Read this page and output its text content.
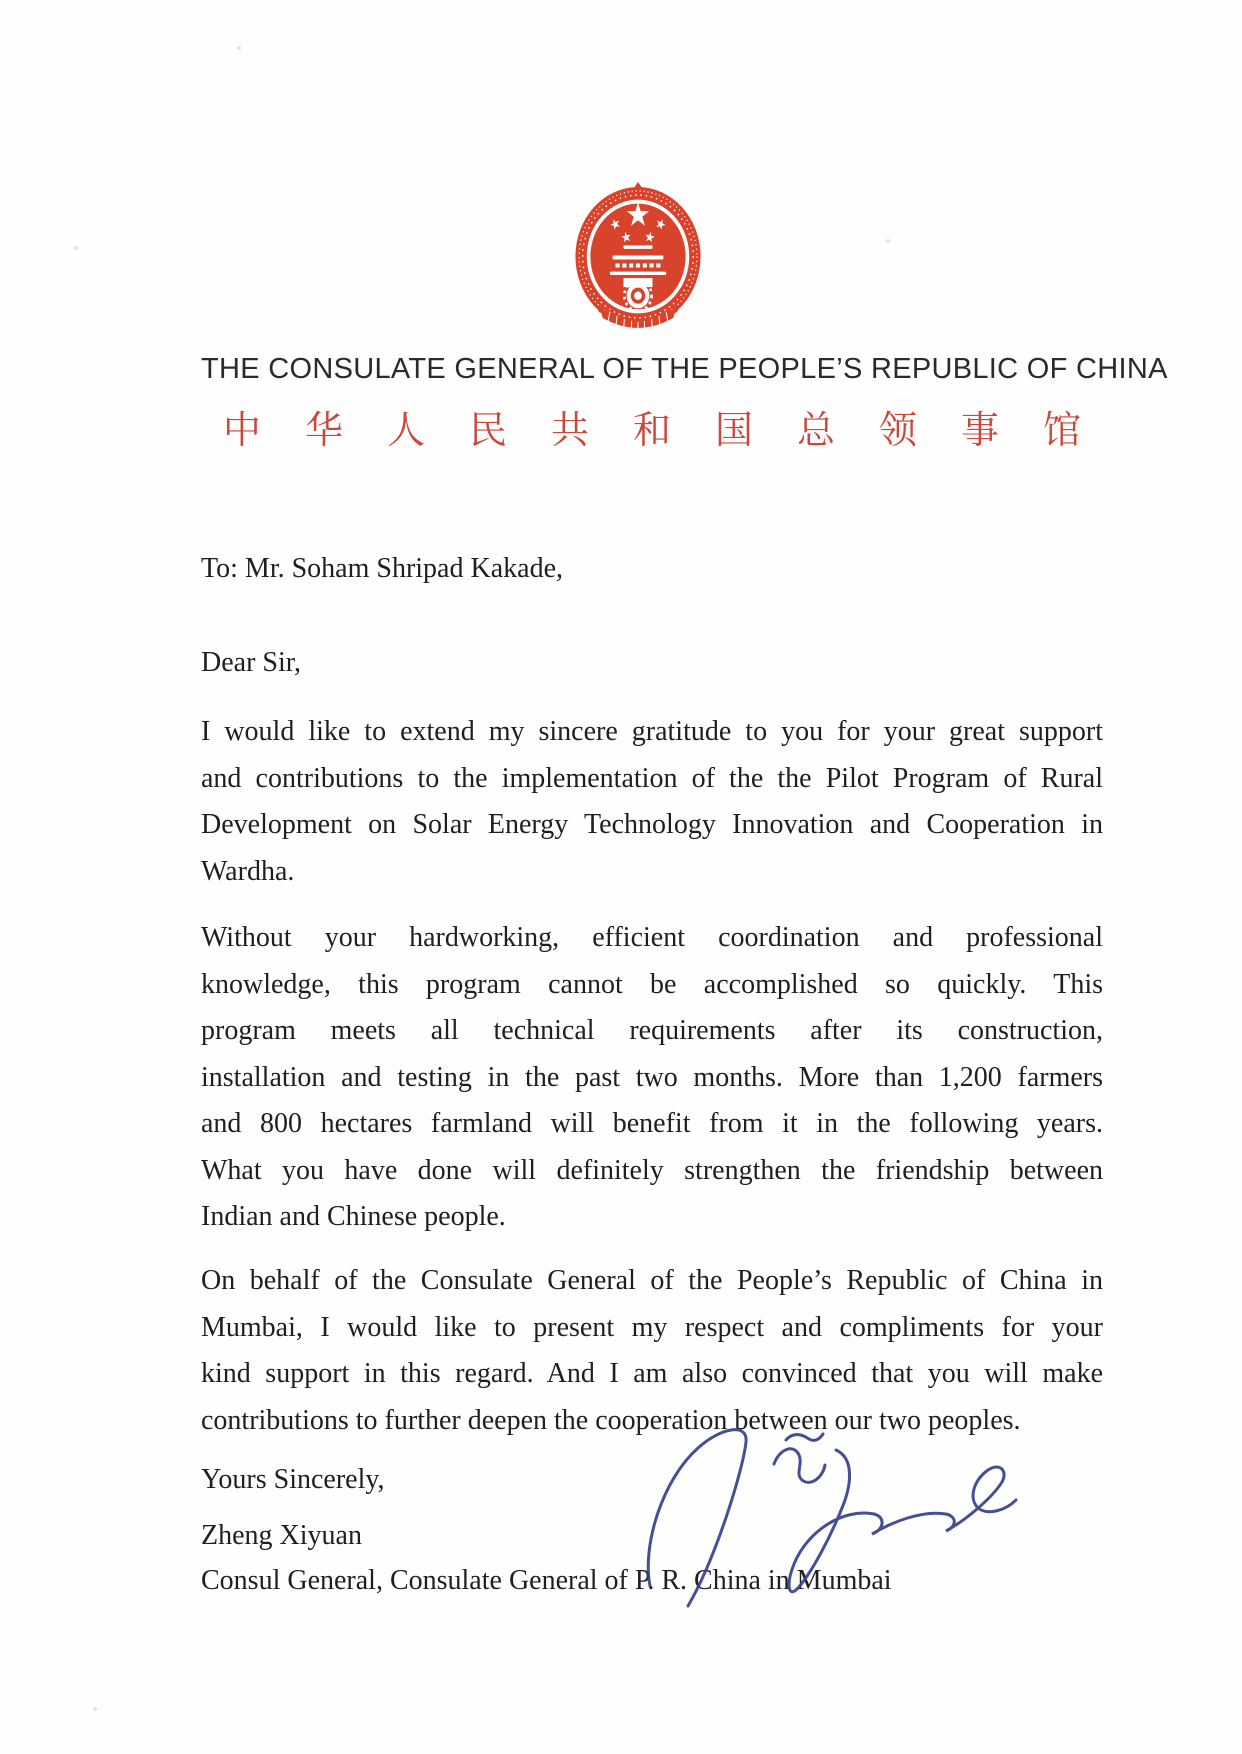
THE CONSULATE GENERAL OF THE PEOPLE’S REPUBLIC OF CHINA
中华人民共和国总领事馆
To: Mr. Soham Shripad Kakade,
Dear Sir,
I would like to extend my sincere gratitude to you for your great support
and contributions to the implementation of the the Pilot Program of Rural
Development on Solar Energy Technology Innovation and Cooperation in
Wardha.
Without your hardworking, efficient coordination and professional
knowledge, this program cannot be accomplished so quickly. This
program meets all technical requirements after its construction,
installation and testing in the past two months. More than 1,200 farmers
and 800 hectares farmland will benefit from it in the following years.
What you have done will definitely strengthen the friendship between
Indian and Chinese people.
On behalf of the Consulate General of the People’s Republic of China in
Mumbai, I would like to present my respect and compliments for your
kind support in this regard. And I am also convinced that you will make
contributions to further deepen the cooperation between our two peoples.
Yours Sincerely,
Zheng Xiyuan
Consul General, Consulate General of P. R. China in Mumbai
